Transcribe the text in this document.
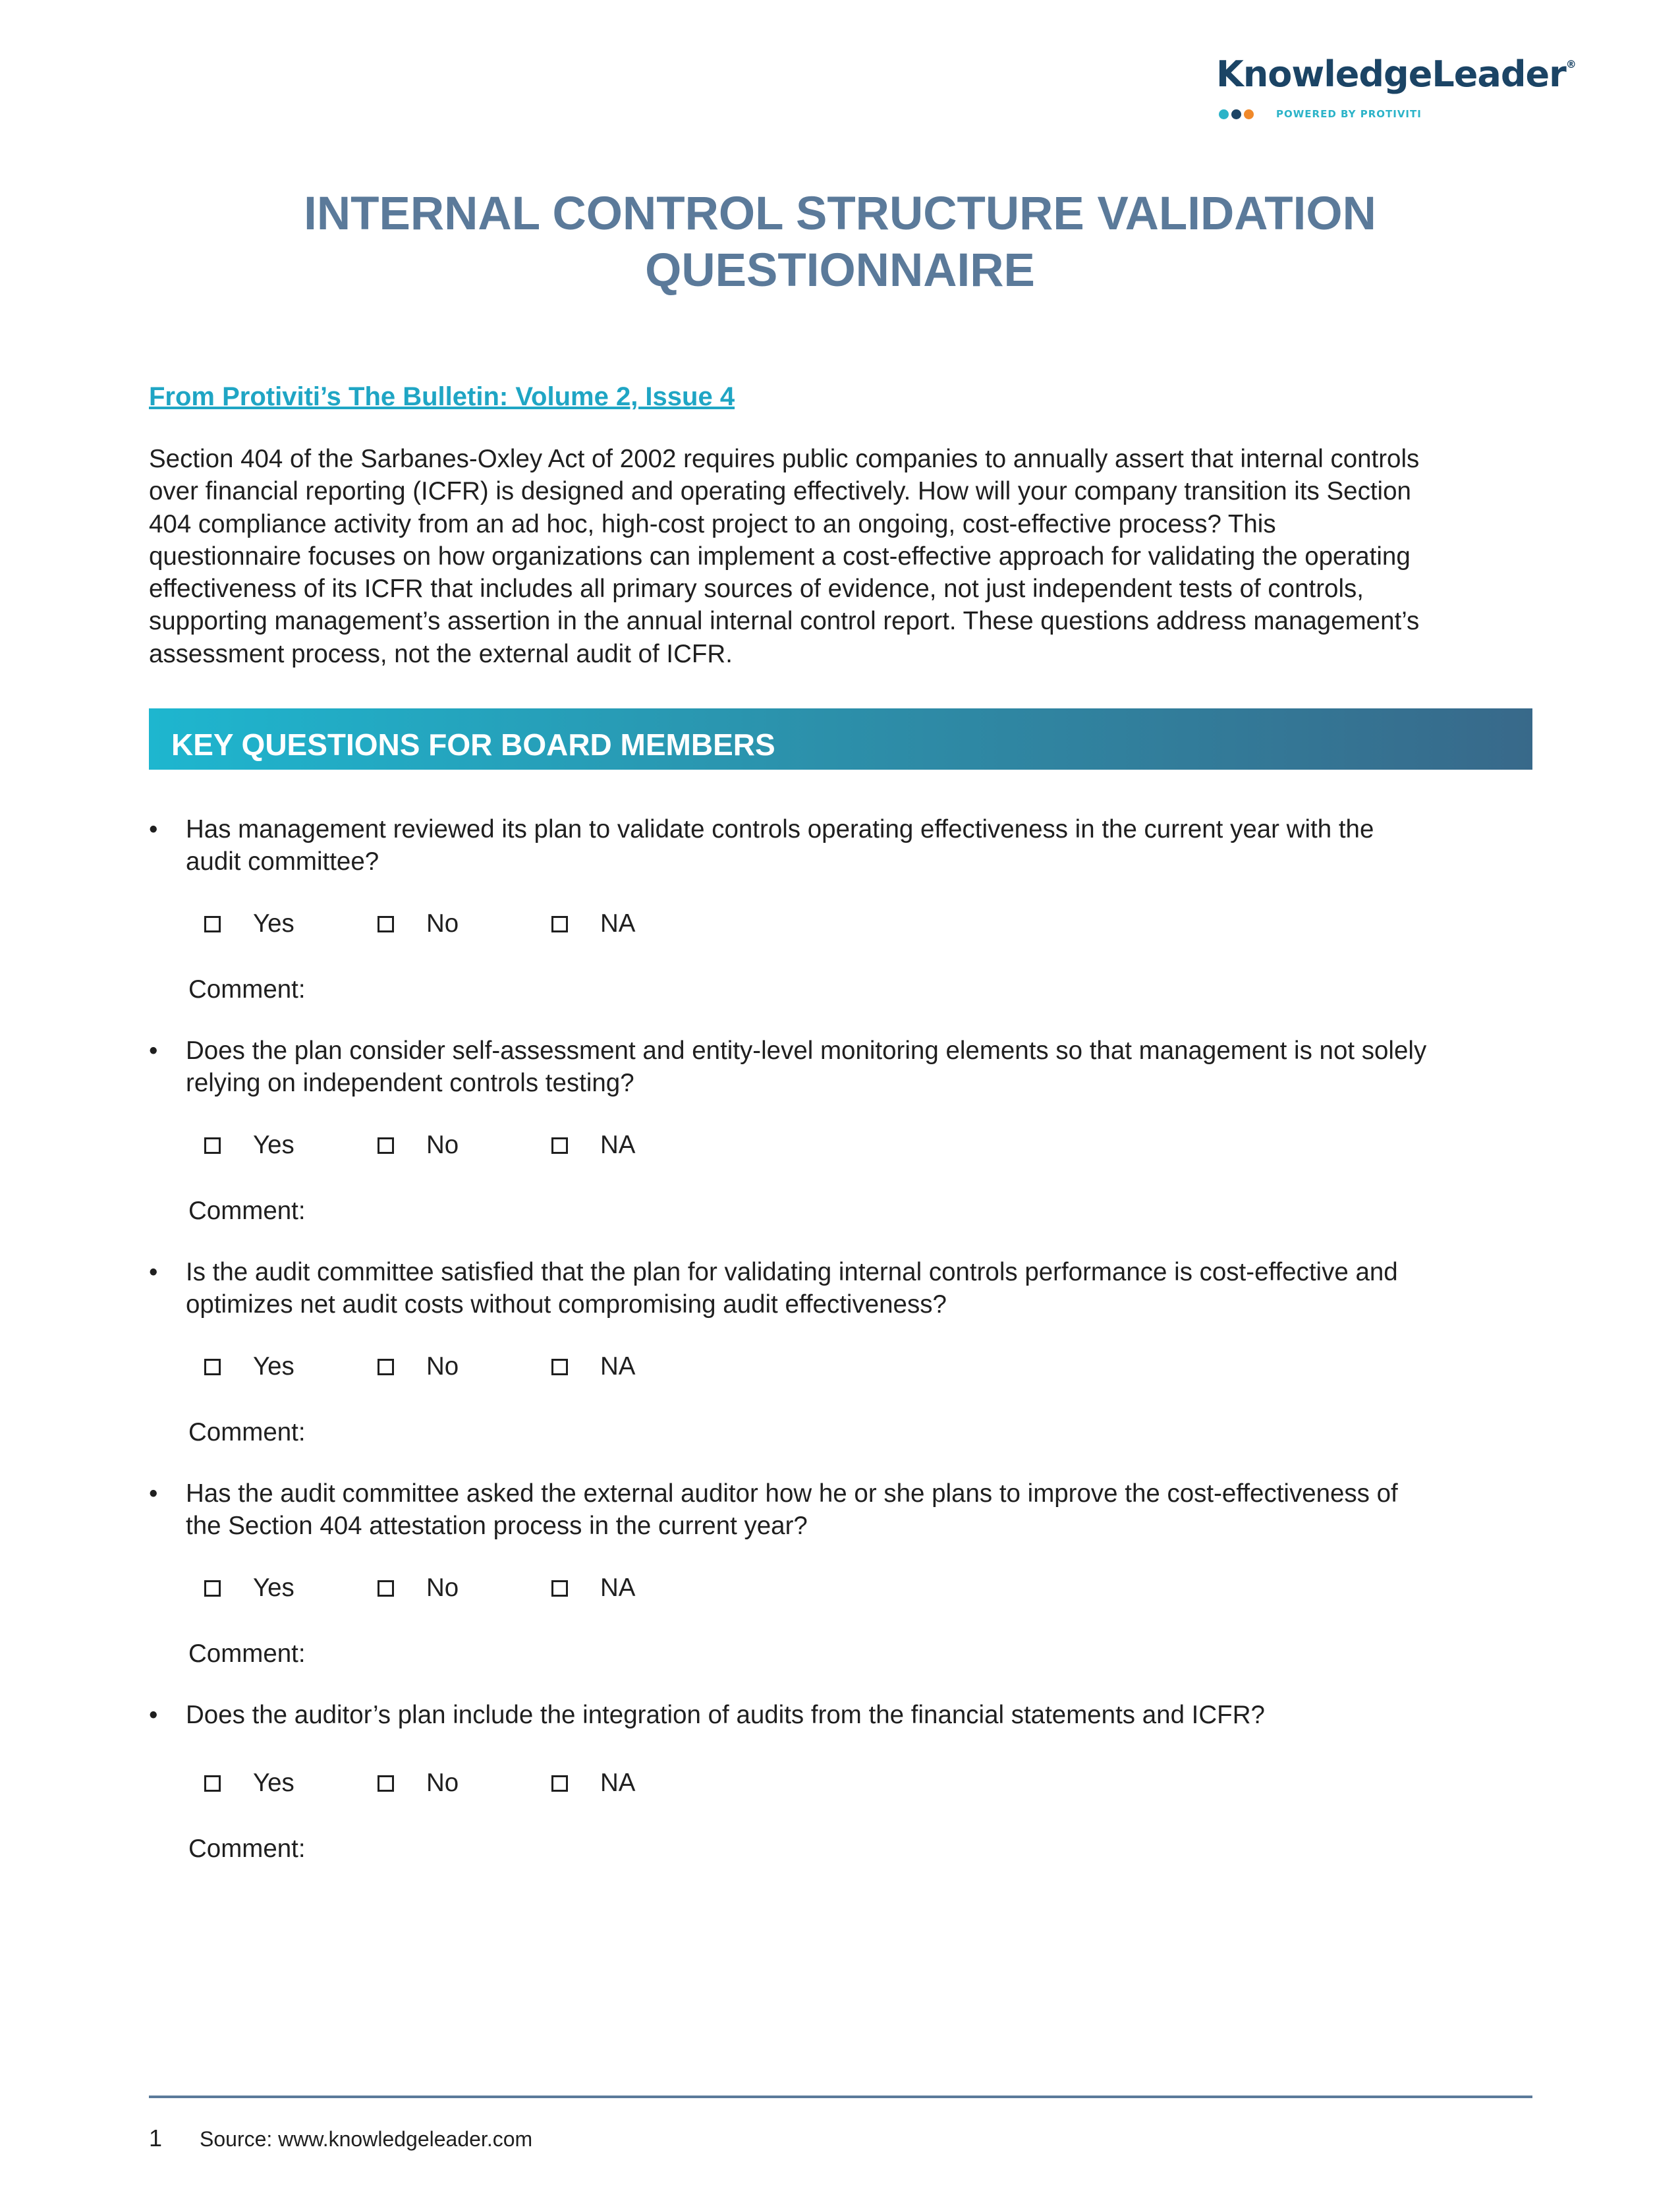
KnowledgeLeader®
POWERED BY PROTIVITI
INTERNAL CONTROL STRUCTURE VALIDATION
QUESTIONNAIRE
From Protiviti’s The Bulletin: Volume 2, Issue 4
Section 404 of the Sarbanes-Oxley Act of 2002 requires public companies to annually assert that internal controls
over financial reporting (ICFR) is designed and operating effectively. How will your company transition its Section
404 compliance activity from an ad hoc, high-cost project to an ongoing, cost-effective process? This
questionnaire focuses on how organizations can implement a cost-effective approach for validating the operating
effectiveness of its ICFR that includes all primary sources of evidence, not just independent tests of controls,
supporting management’s assertion in the annual internal control report. These questions address management’s
assessment process, not the external audit of ICFR.
KEY QUESTIONS FOR BOARD MEMBERS
• Has management reviewed its plan to validate controls operating effectiveness in the current year with the
audit committee?
Yes	No	NA
Comment:
• Does the plan consider self-assessment and entity-level monitoring elements so that management is not solely
relying on independent controls testing?
Yes	No	NA
Comment:
• Is the audit committee satisfied that the plan for validating internal controls performance is cost-effective and
optimizes net audit costs without compromising audit effectiveness?
Yes	No	NA
Comment:
• Has the audit committee asked the external auditor how he or she plans to improve the cost-effectiveness of
the Section 404 attestation process in the current year?
Yes	No	NA
Comment:
• Does the auditor’s plan include the integration of audits from the financial statements and ICFR?
Yes	No	NA
Comment:
1 Source: www.knowledgeleader.com
